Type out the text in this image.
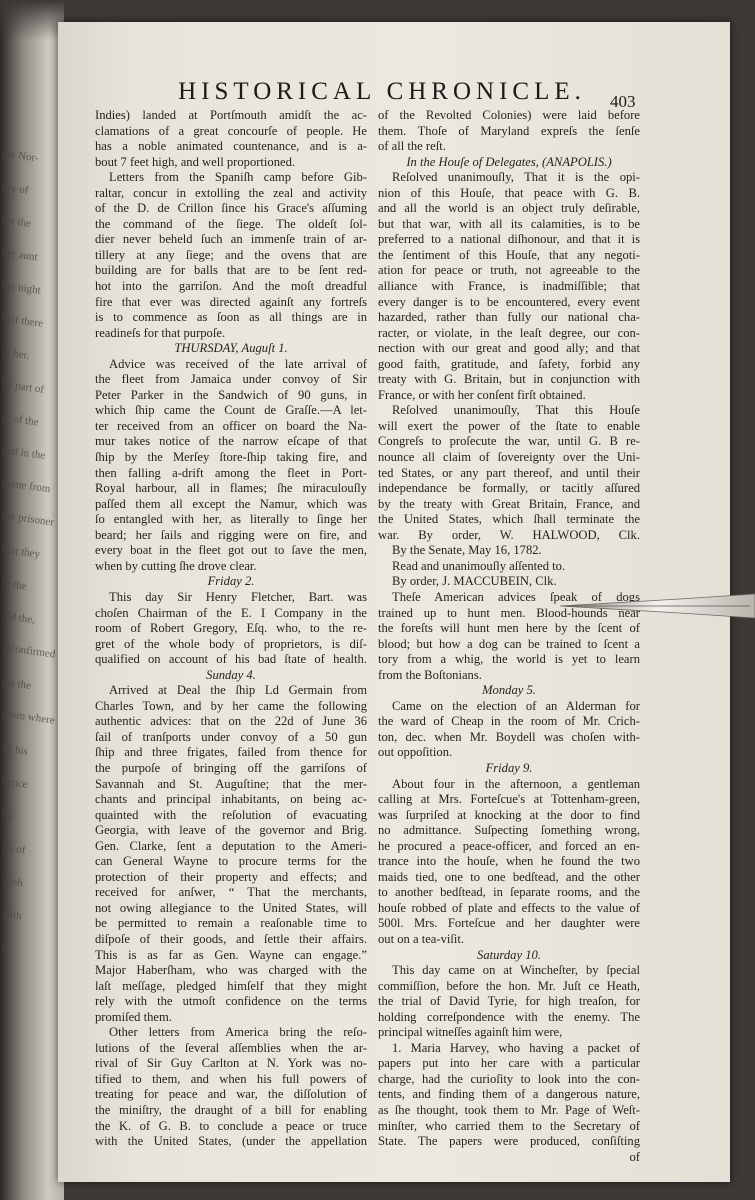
the Nor-
gry of
for the
her aunt
the night
that there
ut her.
he part of
er of the
ned in the
home from
the prisoner
that they
to the
old the,
y confirmed
for the
room where
an his
hence
be
ife of
wish
with
it
HISTORICAL CHRONICLE.	403
Indies) landed at Portſmouth amidſt the ac-
clamations of a great concourſe of people. He
has a noble animated countenance, and is a-
bout 7 feet high, and well proportioned.
Letters from the Spaniſh camp before Gib-
raltar, concur in extolling the zeal and activity
of the D. de Crillon ſince his Grace's aſſuming
the command of the ſiege. The oldeſt ſol-
dier never beheld ſuch an immenſe train of ar-
tillery at any ſiege; and the ovens that are
building are for balls that are to be ſent red-
hot into the garriſon. And the moſt dreadful
fire that ever was directed againſt any fortreſs
is to commence as ſoon as all things are in
readineſs for that purpoſe.
THURSDAY, Auguſt 1.
Advice was received of the late arrival of
the fleet from Jamaica under convoy of Sir
Peter Parker in the Sandwich of 90 guns, in
which ſhip came the Count de Graſſe.—A let-
ter received from an officer on board the Na-
mur takes notice of the narrow eſcape of that
ſhip by the Merſey ſtore-ſhip taking fire, and
then falling a-drift among the fleet in Port-
Royal harbour, all in flames; ſhe miraculouſly
paſſed them all except the Namur, which was
ſo entangled with her, as literally to ſinge her
beard; her ſails and rigging were on fire, and
every boat in the fleet got out to ſave the men,
when by cutting ſhe drove clear.
Friday 2.
This day Sir Henry Fletcher, Bart. was
choſen Chairman of the E. I Company in the
room of Robert Gregory, Eſq. who, to the re-
gret of the whole body of proprietors, is diſ-
qualified on account of his bad ſtate of health.
Sunday 4.
Arrived at Deal the ſhip Ld Germain from
Charles Town, and by her came the following
authentic advices: that on the 22d of June 36
ſail of tranſports under convoy of a 50 gun
ſhip and three frigates, failed from thence for
the purpoſe of bringing off the garriſons of
Savannah and St. Auguſtine; that the mer-
chants and principal inhabitants, on being ac-
quainted with the reſolution of evacuating
Georgia, with leave of the governor and Brig.
Gen. Clarke, ſent a deputation to the Ameri-
can General Wayne to procure terms for the
protection of their property and effects; and
received for anſwer, “ That the merchants,
not owing allegiance to the United States, will
be permitted to remain a reaſonable time to
diſpoſe of their goods, and ſettle their affairs.
This is as far as Gen. Wayne can engage.”
Major Haberſham, who was charged with the
laſt meſſage, pledged himſelf that they might
rely with the utmoſt confidence on the terms
promiſed them.
Other letters from America bring the reſo-
lutions of the ſeveral aſſemblies when the ar-
rival of Sir Guy Carlton at N. York was no-
tified to them, and when his full powers of
treating for peace and war, the diſſolution of
the miniſtry, the draught of a bill for enabling
the K. of G. B. to conclude a peace or truce
with the United States, (under the appellation
of the Revolted Colonies) were laid before
them. Thoſe of Maryland expreſs the ſenſe
of all the reſt.
In the Houſe of Delegates, (ANAPOLIS.)
Reſolved unanimouſly, That it is the opi-
nion of this Houſe, that peace with G. B.
and all the world is an object truly deſirable,
but that war, with all its calamities, is to be
preferred to a national diſhonour, and that it is
the ſentiment of this Houſe, that any negoti-
ation for peace or truth, not agreeable to the
alliance with France, is inadmiſſible; that
every danger is to be encountered, every event
hazarded, rather than fully our national cha-
racter, or violate, in the leaſt degree, our con-
nection with our great and good ally; and that
good faith, gratitude, and ſafety, forbid any
treaty with G. Britain, but in conjunction with
France, or with her conſent firſt obtained.
Reſolved unanimouſly, That this Houſe
will exert the power of the ſtate to enable
Congreſs to proſecute the war, until G. B re-
nounce all claim of ſovereignty over the Uni-
ted States, or any part thereof, and until their
independance be formally, or tacitly aſſured
by the treaty with Great Britain, France, and
the United States, which ſhall terminate the
war. By order, W. HALWOOD, Clk.
By the Senate, May 16, 1782.
Read and unanimouſly aſſented to.
By order, J. MACCUBEIN, Clk.
Theſe American advices ſpeak of dogs
trained up to hunt men. Blood-hounds near
the foreſts will hunt men here by the ſcent of
blood; but how a dog can be trained to ſcent a
tory from a whig, the world is yet to learn
from the Boſtonians.
Monday 5.
Came on the election of an Alderman for
the ward of Cheap in the room of Mr. Crich-
ton, dec. when Mr. Boydell was choſen with-
out oppoſition.
Friday 9.
About four in the afternoon, a gentleman
calling at Mrs. Forteſcue's at Tottenham-green,
was ſurpriſed at knocking at the door to find
no admittance. Suſpecting ſomething wrong,
he procured a peace-officer, and forced an en-
trance into the houſe, when he found the two
maids tied, one to one bedſtead, and the other
to another bedſtead, in ſeparate rooms, and the
houſe robbed of plate and effects to the value of
500l. Mrs. Forteſcue and her daughter were
out on a tea-viſit.
Saturday 10.
This day came on at Wincheſter, by ſpecial
commiſſion, before the hon. Mr. Juſt ce Heath,
the trial of David Tyrie, for high treaſon, for
holding correſpondence with the enemy. The
principal witneſſes againſt him were,
1. Maria Harvey, who having a packet of
papers put into her care with a particular
charge, had the curioſity to look into the con-
tents, and finding them of a dangerous nature,
as ſhe thought, took them to Mr. Page of Weſt-
minſter, who carried them to the Secretary of
State. The papers were produced, conſiſting
of
